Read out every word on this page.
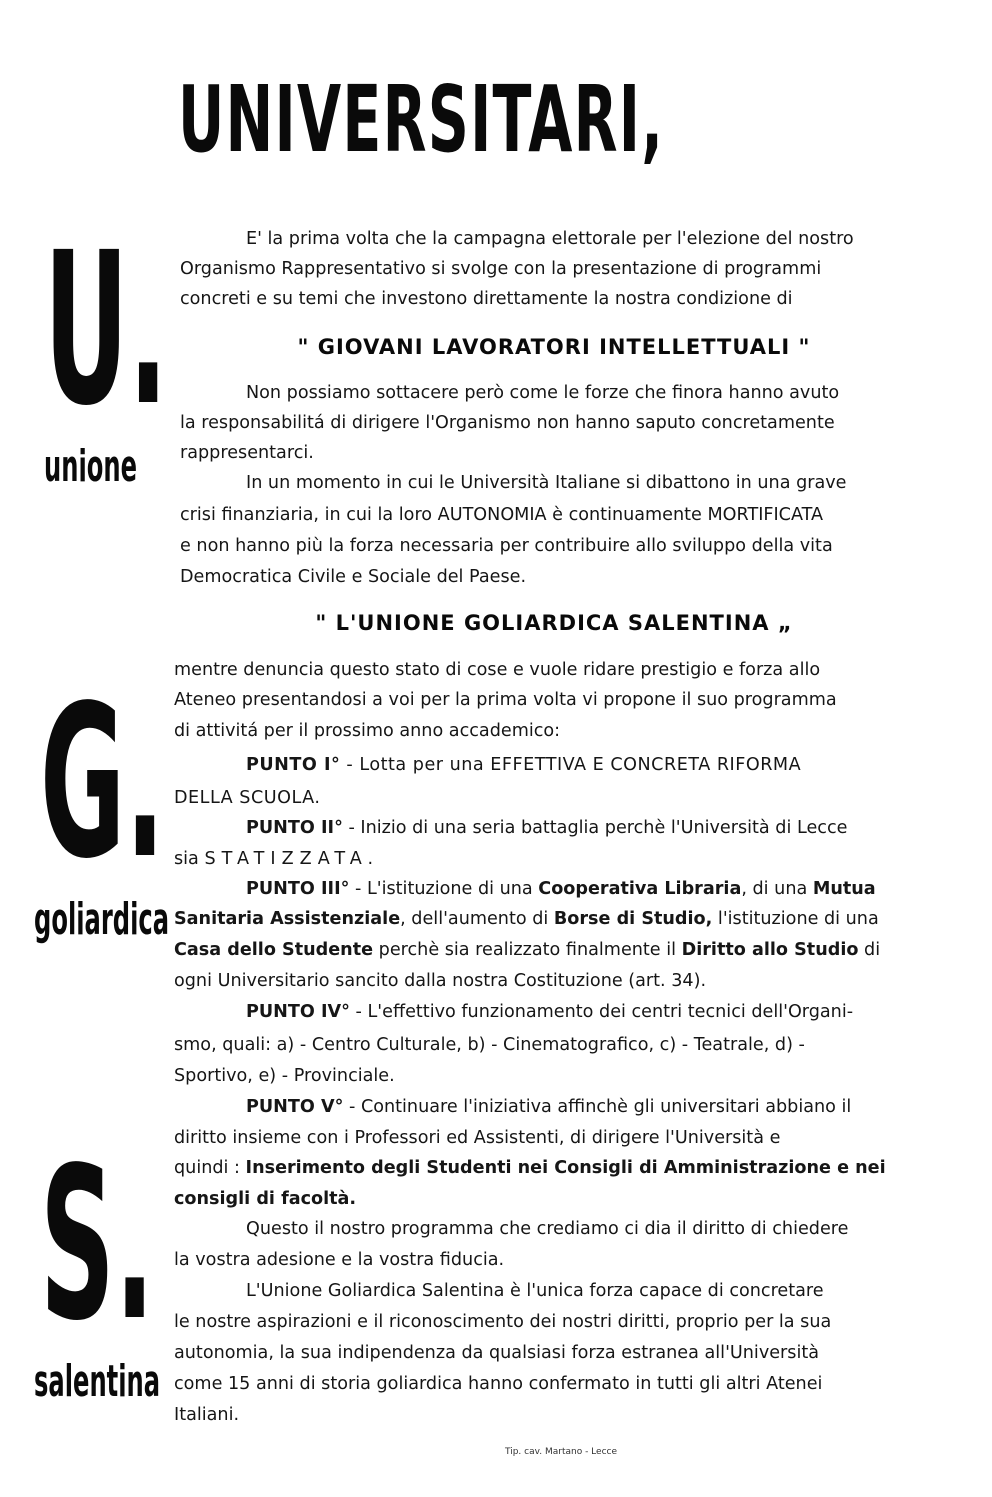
UNIVERSITARI,
U.
unione
G.
goliardica
S.
salentina
E' la prima volta che la campagna elettorale per l'elezione del nostro
Organismo Rappresentativo si svolge con la presentazione di programmi
concreti e su temi che investono direttamente la nostra condizione di
" GIOVANI LAVORATORI INTELLETTUALI "
Non possiamo sottacere però come le forze che finora hanno avuto
la responsabilitá di dirigere l'Organismo non hanno saputo concretamente
rappresentarci.
In un momento in cui le Università Italiane si dibattono in una grave
crisi finanziaria, in cui la loro AUTONOMIA è continuamente MORTIFICATA
e non hanno più la forza necessaria per contribuire allo sviluppo della vita
Democratica Civile e Sociale del Paese.
" L'UNIONE GOLIARDICA SALENTINA „
mentre denuncia questo stato di cose e vuole ridare prestigio e forza allo
Ateneo presentandosi a voi per la prima volta vi propone il suo programma
di attivitá per il prossimo anno accademico:
PUNTO I° - Lotta per una EFFETTIVA E CONCRETA RIFORMA
DELLA SCUOLA.
PUNTO II° - Inizio di una seria battaglia perchè l'Università di Lecce
sia STATIZZATA.
PUNTO III° - L'istituzione di una Cooperativa Libraria, di una Mutua
Sanitaria Assistenziale, dell'aumento di Borse di Studio, l'istituzione di una
Casa dello Studente perchè sia realizzato finalmente il Diritto allo Studio di
ogni Universitario sancito dalla nostra Costituzione (art. 34).
PUNTO IV° - L'effettivo funzionamento dei centri tecnici dell'Organi-
smo, quali: a) - Centro Culturale, b) - Cinematografico, c) - Teatrale, d) -
Sportivo, e) - Provinciale.
PUNTO V° - Continuare l'iniziativa affinchè gli universitari abbiano il
diritto insieme con i Professori ed Assistenti, di dirigere l'Università e
quindi : Inserimento degli Studenti nei Consigli di Amministrazione e nei
consigli di facoltà.
Questo il nostro programma che crediamo ci dia il diritto di chiedere
la vostra adesione e la vostra fiducia.
L'Unione Goliardica Salentina è l'unica forza capace di concretare
le nostre aspirazioni e il riconoscimento dei nostri diritti, proprio per la sua
autonomia, la sua indipendenza da qualsiasi forza estranea all'Università
come 15 anni di storia goliardica hanno confermato in tutti gli altri Atenei
Italiani.
Tip. cav. Martano - Lecce
